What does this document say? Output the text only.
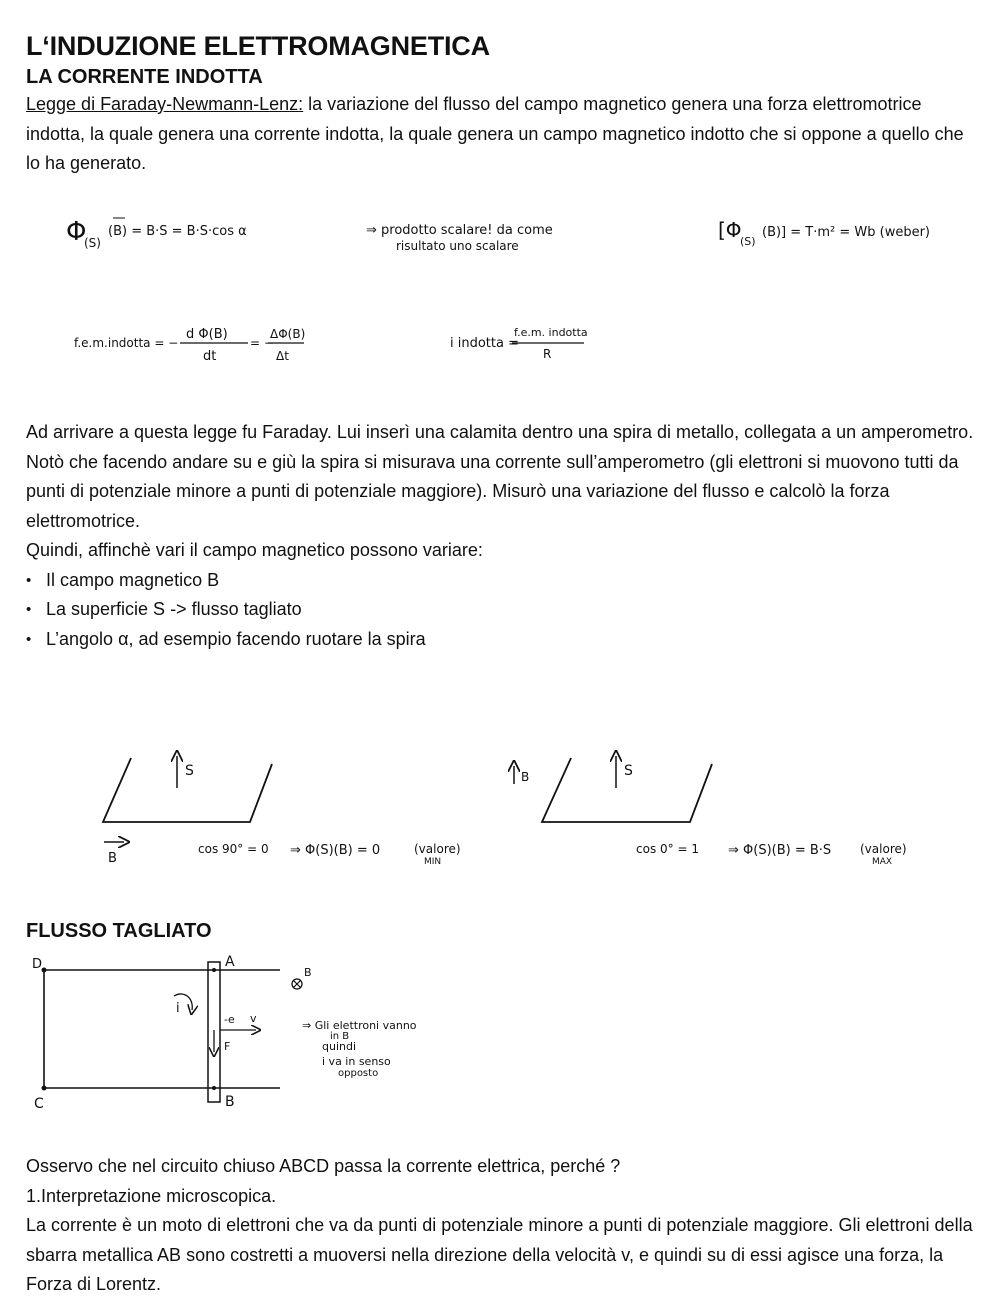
L‘INDUZIONE ELETTROMAGNETICA
LA CORRENTE INDOTTA

Legge di Faraday-Newmann-Lenz: la variazione del flusso del campo magnetico genera una forza elettromotrice indotta, la quale genera una corrente indotta, la quale genera un campo magnetico indotto che si oppone a quello che lo ha generato.

Φ
(S)
(B) = B·S = B·S·cos α	⇒ prodotto scalare! da come
risultato uno scalare
[Φ
(S)
(B)] = T·m² = Wb (weber)
f.e.m.indotta = −
d Φ(B)
dt
= −
ΔΦ(B)
Δt
i indotta =
f.e.m. indotta
R

Ad arrivare a questa legge fu Faraday. Lui inserì una calamita dentro una spira di metallo, collegata a un amperometro. Notò che facendo andare su e giù la spira si misurava una corrente sull’amperometro (gli elettroni si muovono tutti da punti di potenziale minore a punti di potenziale maggiore). Misurò una variazione del flusso e calcolò la forza elettromotrice.

Quindi, affinchè vari il campo magnetico possono variare:

• Il campo magnetico B
• La superficie S -> flusso tagliato
• L’angolo α, ad esempio facendo ruotare la spira
S
B
cos 90° = 0 ⇒ Φ(S)(B) = 0	(valore)
MIN
S
B
cos 0° = 1 ⇒ Φ(S)(B) = B·S (valore)
MAX
FLUSSO TAGLIATO
D
C
A
B
B
i
-e v
F
⇒ Gli elettroni vanno
in B
quindi
i va in senso
opposto

Osservo che nel circuito chiuso ABCD passa la corrente elettrica, perché ?

1.Interpretazione microscopica.

La corrente è un moto di elettroni che va da punti di potenziale minore a punti di potenziale maggiore. Gli elettroni della sbarra metallica AB sono costretti a muoversi nella direzione della velocità v, e quindi su di essi agisce una forza, la Forza di Lorentz.
